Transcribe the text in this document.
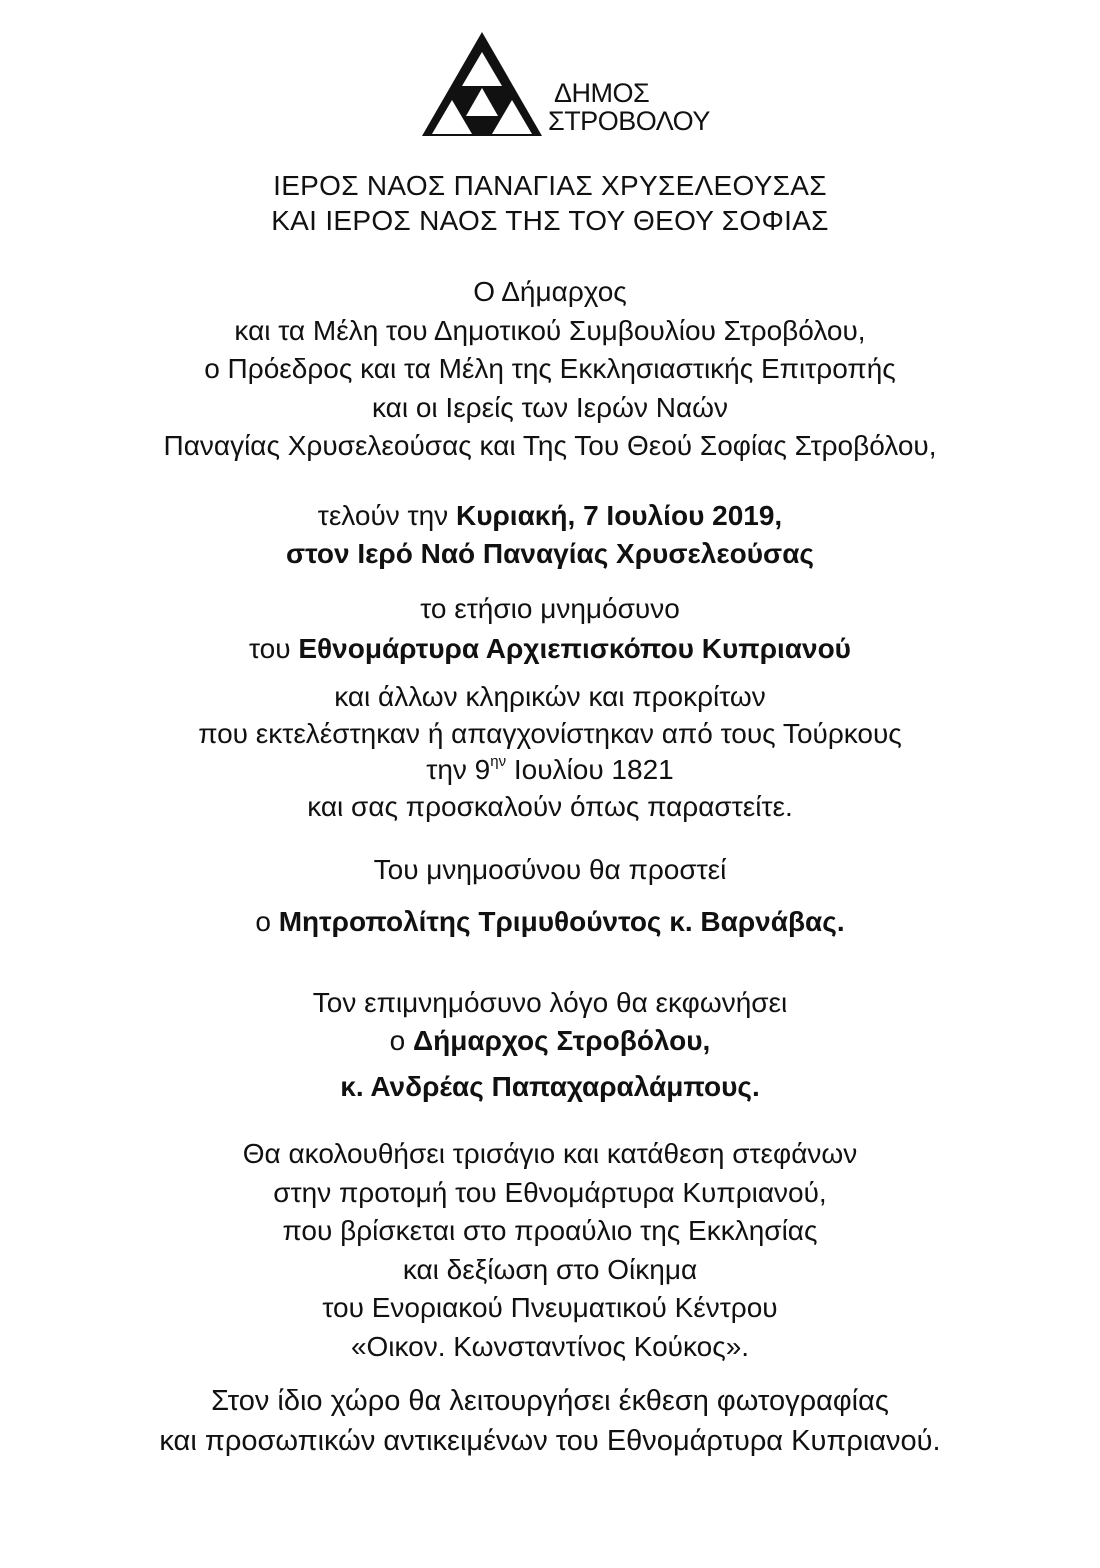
ΔΗΜΟΣ
ΣΤΡΟΒΟΛΟΥ
ΙΕΡΟΣ ΝΑΟΣ ΠΑΝΑΓΙΑΣ ΧΡΥΣΕΛΕΟΥΣΑΣ
ΚΑΙ ΙΕΡΟΣ ΝΑΟΣ ΤΗΣ ΤΟΥ ΘΕΟΥ ΣΟΦΙΑΣ
Ο Δήμαρχος
και τα Μέλη του Δημοτικού Συμβουλίου Στροβόλου,
ο Πρόεδρος και τα Μέλη της Εκκλησιαστικής Επιτροπής
και οι Ιερείς των Ιερών Ναών
Παναγίας Χρυσελεούσας και Της Του Θεού Σοφίας Στροβόλου,
τελούν την Κυριακή, 7 Ιουλίου 2019,
στον Ιερό Ναό Παναγίας Χρυσελεούσας
το ετήσιο μνημόσυνο
του Εθνομάρτυρα Αρχιεπισκόπου Κυπριανού
και άλλων κληρικών και προκρίτων
που εκτελέστηκαν ή απαγχονίστηκαν από τους Τούρκους
την $9^{\eta\nu}$ Ιουλίου 1821
και σας προσκαλούν όπως παραστείτε.
Του μνημοσύνου θα προστεί
ο Μητροπολίτης Τριμυθούντος κ. Βαρνάβας.
Τον επιμνημόσυνο λόγο θα εκφωνήσει
ο Δήμαρχος Στροβόλου,
κ. Ανδρέας Παπαχαραλάμπους.
Θα ακολουθήσει τρισάγιο και κατάθεση στεφάνων
στην προτομή του Εθνομάρτυρα Κυπριανού,
που βρίσκεται στο προαύλιο της Εκκλησίας
και δεξίωση στο Οίκημα
του Ενοριακού Πνευματικού Κέντρου
«Οικον. Κωνσταντίνος Κούκος».
Στον ίδιο χώρο θα λειτουργήσει έκθεση φωτογραφίας
και προσωπικών αντικειμένων του Εθνομάρτυρα Κυπριανού.
